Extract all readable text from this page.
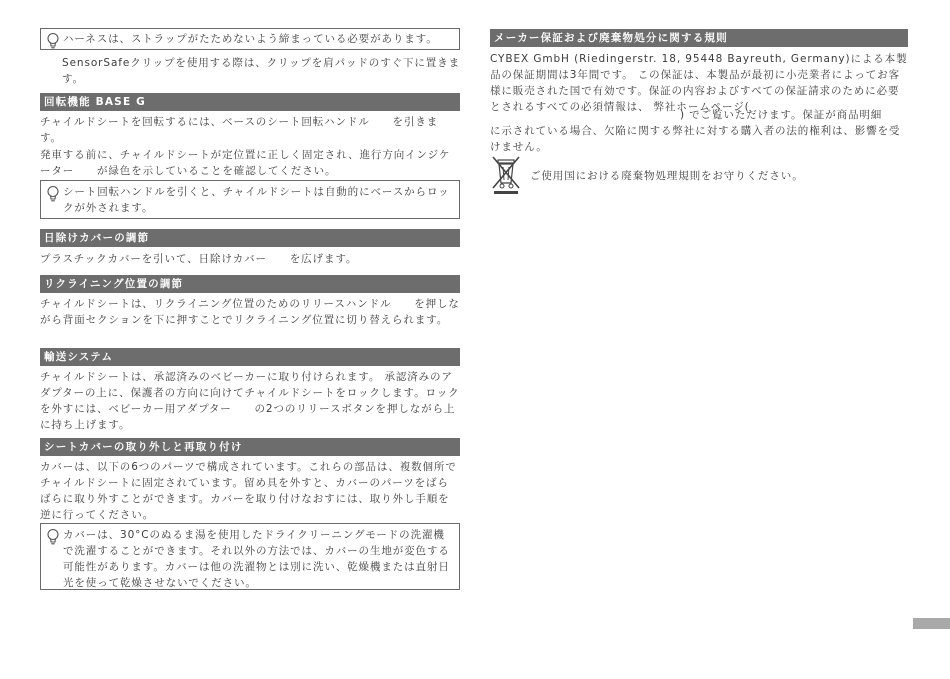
ハーネスは、ストラップがたためないよう締まっている必要があります。
SensorSafeクリップを使用する際は、クリップを肩パッドのすぐ下に置きます。
回転機能 BASE G
チャイルドシートを回転するには、ベースのシート回転ハンドル　　を引きます。
発車する前に、チャイルドシートが定位置に正しく固定され、進行方向インジケーター　　が緑色を示していることを確認してください。
シート回転ハンドルを引くと、チャイルドシートは自動的にベースからロックが外されます。
日除けカバーの調節
プラスチックカバーを引いて、日除けカバー　　を広げます。
リクライニング位置の調節
チャイルドシートは、リクライニング位置のためのリリースハンドル　　を押しながら背面セクションを下に押すことでリクライニング位置に切り替えられます。
輸送システム
チャイルドシートは、承認済みのベビーカーに取り付けられます。 承認済みのアダプターの上に、保護者の方向に向けてチャイルドシートをロックします。ロックを外すには、ベビーカー用アダプター　　の2つのリリースボタンを押しながら上に持ち上げます。
シートカバーの取り外しと再取り付け
カバーは、以下の6つのパーツで構成されています。これらの部品は、複数個所でチャイルドシートに固定されています。留め具を外すと、カバーのパーツをばらばらに取り外すことができます。カバーを取り付けなおすには、取り外し手順を逆に行ってください。
カバーは、30°Cのぬるま湯を使用したドライクリーニングモードの洗濯機で洗濯することができます。それ以外の方法では、カバーの生地が変色する可能性があります。カバーは他の洗濯物とは別に洗い、乾燥機または直射日光を使って乾燥させないでください。
メーカー保証および廃棄物処分に関する規則
CYBEX GmbH (Riedingerstr. 18, 95448 Bayreuth, Germany)による本製品の保証期間は3年間です。 この保証は、本製品が最初に小売業者によってお客様に販売された国で有効です。保証の内容およびすべての保証請求のために必要とされるすべての必須情報は、 弊社ホームページ(
) でご覧いただけます。保証が商品明細
に示されている場合、欠陥に関する弊社に対する購入者の法的権利は、影響を受けません。
ご使用国における廃棄物処理規則をお守りください。
